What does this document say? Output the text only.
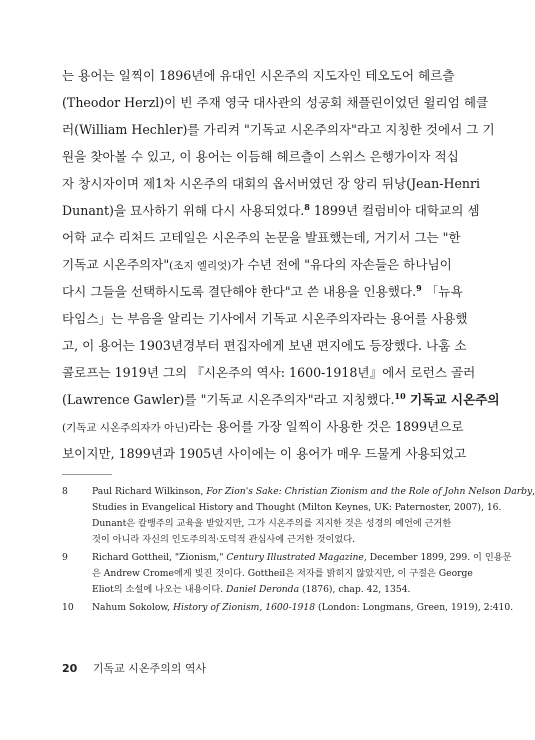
는 용어는 일찍이 1896년에 유대인 시온주의 지도자인 테오도어 헤르츨
(Theodor Herzl)이 빈 주재 영국 대사관의 성공회 채플린이었던 윌리엄 헤클
러(William Hechler)를 가리켜 "기독교 시온주의자"라고 지칭한 것에서 그 기
원을 찾아볼 수 있고, 이 용어는 이듬해 헤르츨이 스위스 은행가이자 적십
자 창시자이며 제1차 시온주의 대회의 옵서버였던 장 앙리 뒤낭(Jean-Henri
Dunant)을 묘사하기 위해 다시 사용되었다.$^8$ 1899년 컬럼비아 대학교의 셈
어학 교수 리처드 고테일은 시온주의 논문을 발표했는데, 거기서 그는 "한
기독교 시온주의자"(조지 엘리엇)가 수년 전에 "유다의 자손들은 하나님이
다시 그들을 선택하시도록 결단해야 한다"고 쓴 내용을 인용했다.$^9$ 「뉴욕
타임스」는 부음을 알리는 기사에서 기독교 시온주의자라는 용어를 사용했
고, 이 용어는 1903년경부터 편집자에게 보낸 편지에도 등장했다. 나훔 소
콜로프는 1919년 그의 『시온주의 역사: 1600-1918년』에서 로런스 골러
(Lawrence Gawler)를 "기독교 시온주의자"라고 지칭했다.$^{10}$ 기독교 시온주의
(기독교 시온주의자가 아닌)라는 용어를 가장 일찍이 사용한 것은 1899년으로
보이지만, 1899년과 1905년 사이에는 이 용어가 매우 드물게 사용되었고
8	Paul Richard Wilkinson, For Zion's Sake: Christian Zionism and the Role of John Nelson Darby,
Studies in Evangelical History and Thought (Milton Keynes, UK: Paternoster, 2007), 16.
Dunant은 칼뱅주의 교육을 받았지만, 그가 시온주의를 지지한 것은 성경의 예언에 근거한
것이 아니라 자신의 인도주의적·도덕적 관심사에 근거한 것이었다.
9	Richard Gottheil, "Zionism," Century Illustrated Magazine, December 1899, 299. 이 인용문
은 Andrew Crome에게 빚진 것이다. Gottheil은 저자를 밝히지 않았지만, 이 구절은 George
Eliot의 소설에 나오는 내용이다. Daniel Deronda (1876), chap. 42, 1354.
10 Nahum Sokolow, History of Zionism, 1600-1918 (London: Longmans, Green, 1919), 2:410.
20 기독교 시온주의의 역사
